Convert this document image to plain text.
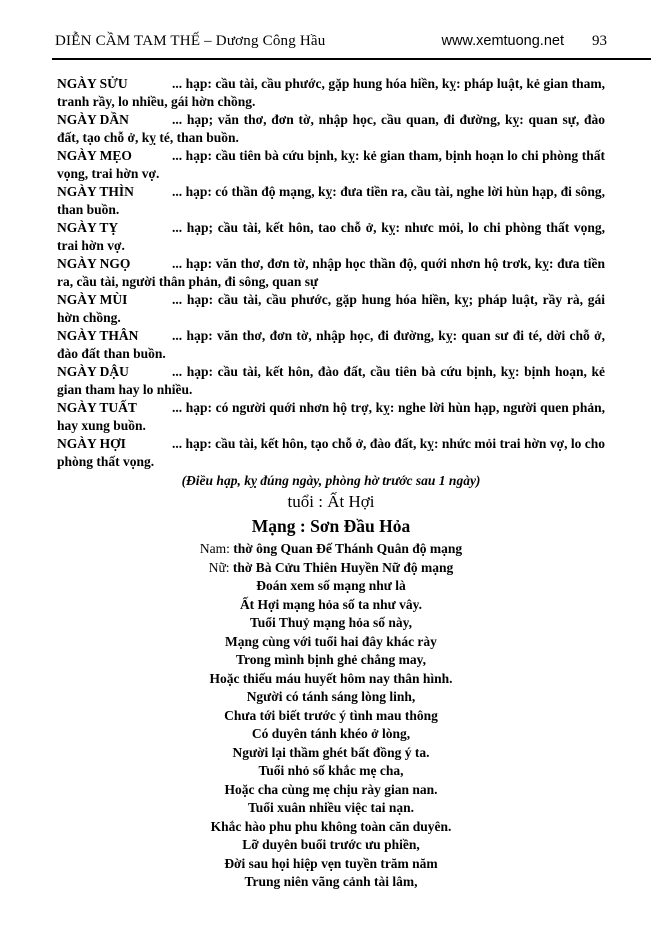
DIỄN CẦM TAM THẾ – Dương Công Hầu	www.xemtuong.net 93

NGÀY SỬU	... hạp: cầu tài, cầu phước, gặp hung hóa hiền, kỵ: pháp luật, kẻ gian tham, tranh rầy, lo nhiều, gái hờn chồng.

NGÀY DẦN	... hạp; văn thơ, đơn tờ, nhập học, cầu quan, đi đường, kỵ: quan sự, đào đất, tạo chỗ ở, kỵ té, than buồn.

NGÀY MẸO	... hạp: cầu tiên bà cứu bịnh, kỵ: kẻ gian tham, bịnh hoạn lo chi phòng thất vọng, trai hờn vợ.

NGÀY THÌN	... hạp: có thần độ mạng, kỵ: đưa tiền ra, cầu tài, nghe lời hùn hạp, đi sông, than buồn.

NGÀY TỴ	... hạp; cầu tài, kết hôn, tao chỗ ở, kỵ: nhưc mỏi, lo chi phòng thất vọng, trai hờn vợ.

NGÀY NGỌ	... hạp: văn thơ, đơn tờ, nhập học thần độ, quới nhơn hộ trơk, kỵ: đưa tiền ra, cầu tài, người thân phản, đi sông, quan sự

NGÀY MÙI	... hạp: cầu tài, cầu phước, gặp hung hóa hiền, kỵ; pháp luật, rầy rà, gái hờn chồng.

NGÀY THÂN ... hạp: văn thơ, đơn tờ, nhập học, đi đường, kỵ: quan sư đi té, dời chỗ ở, đào đất than buồn.

NGÀY DẬU	... hạp: cầu tài, kết hôn, đào đất, cầu tiên bà cứu bịnh, kỵ: bịnh hoạn, kẻ gian tham hay lo nhiều.

NGÀY TUẤT	... hạp: có người quới nhơn hộ trợ, kỵ: nghe lời hùn hạp, người quen phản, hay xung buồn.

NGÀY HỢI	... hạp: cầu tài, kết hôn, tạo chỗ ở, đào đất, kỵ: nhức mỏi trai hờn vợ, lo cho phòng thất vọng.

(Điều hạp, kỵ đúng ngày, phòng hờ trước sau 1 ngày)
tuổi : Ất Hợi
Mạng : Sơn Đầu Hỏa
Nam: thờ ông Quan Đế Thánh Quân độ mạng
Nữ: thờ Bà Cửu Thiên Huyền Nữ độ mạng
Đoán xem số mạng như là
Ất Hợi mạng hỏa số ta như vây.
Tuổi Thuỷ mạng hỏa số này,
Mạng cùng với tuổi hai đây khác rày
Trong mình bịnh ghẻ chẳng may,
Hoặc thiếu máu huyết hôm nay thân hình.
Người có tánh sáng lòng linh,
Chưa tới biết trước ý tình mau thông
Có duyên tánh khéo ở lòng,
Người lại thầm ghét bất đồng ý ta.
Tuổi nhỏ số khắc mẹ cha,
Hoặc cha cùng mẹ chịu rày gian nan.
Tuổi xuân nhiều việc tai nạn.
Khắc hào phu phu không toàn căn duyên.
Lỡ duyên buổi trước ưu phiền,
Đời sau họi hiệp vẹn tuyền trăm năm
Trung niên vãng cảnh tài lâm,
